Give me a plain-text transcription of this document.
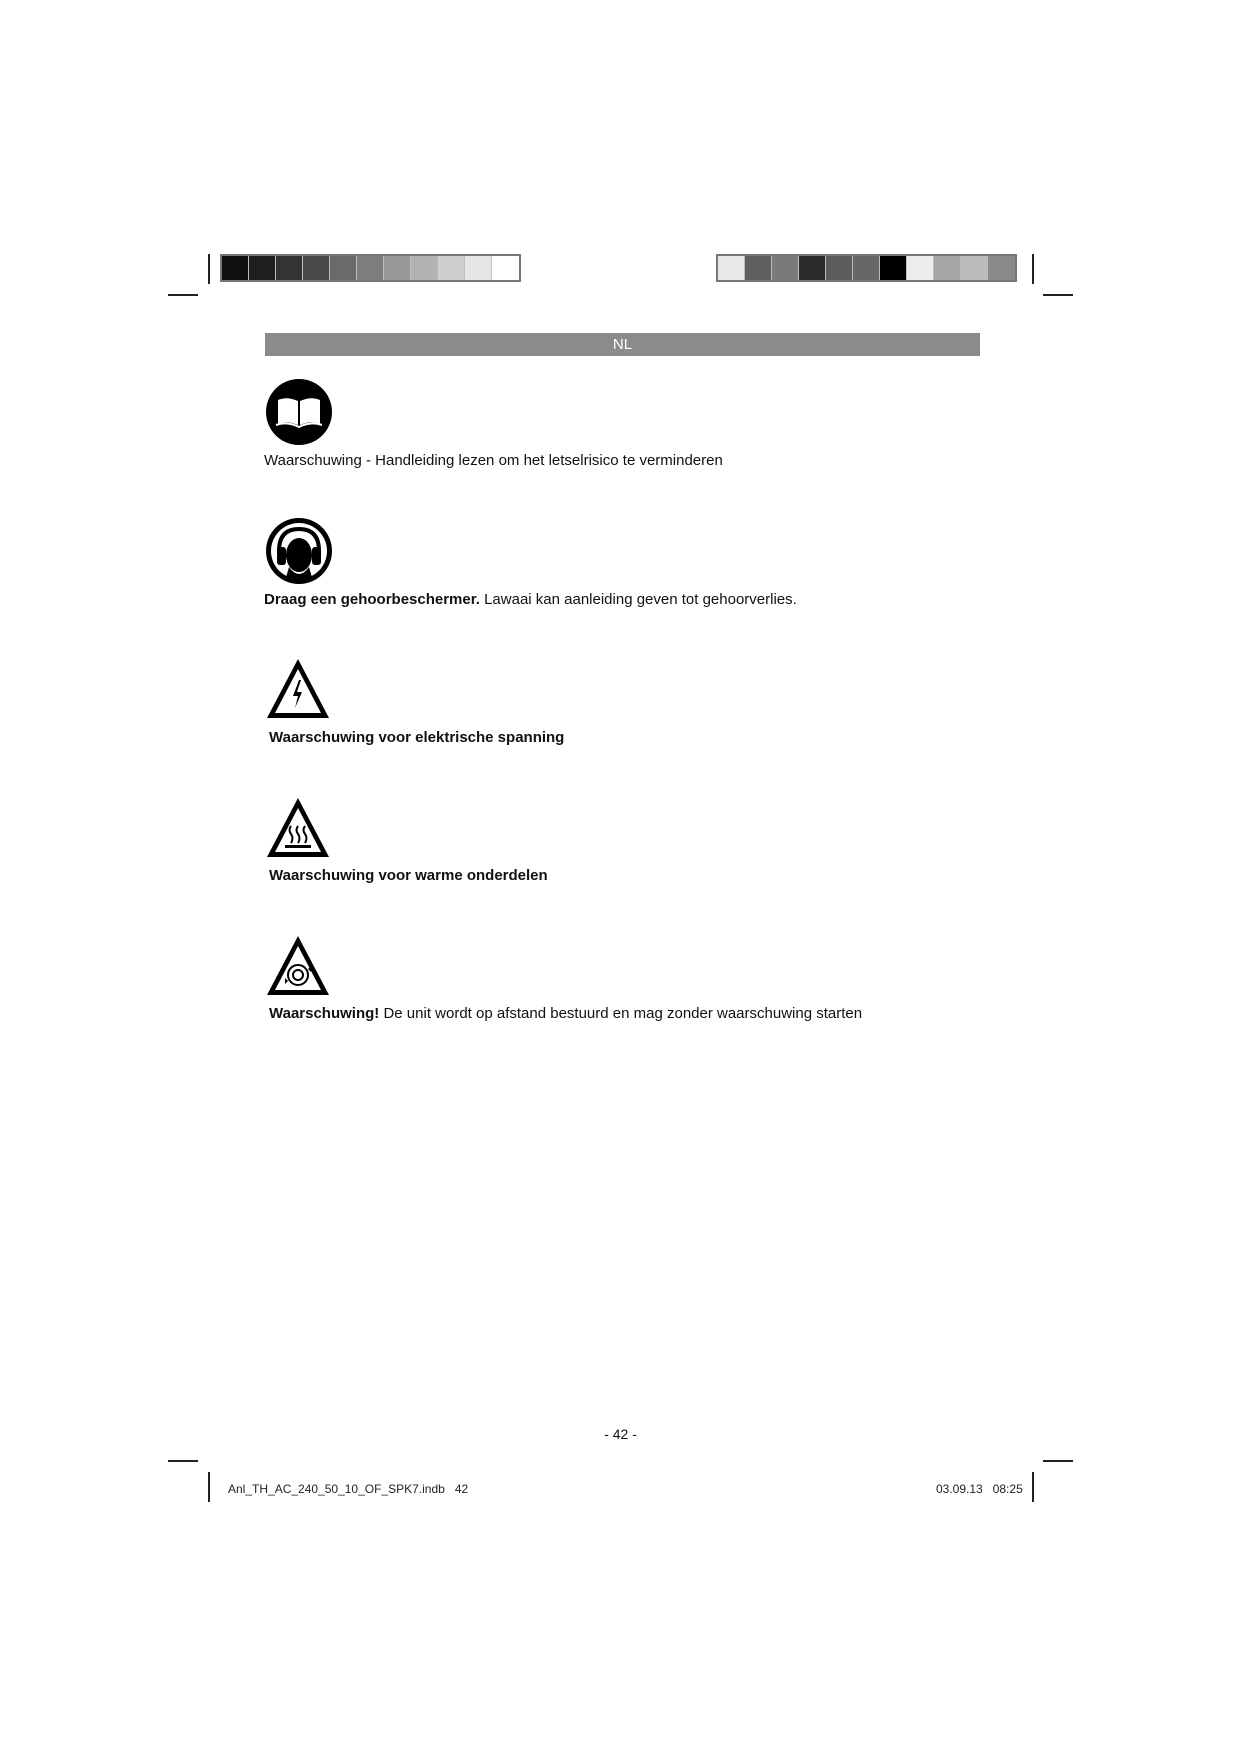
NL
Waarschuwing - Handleiding lezen om het letselrisico te verminderen
Draag een gehoorbeschermer. Lawaai kan aanleiding geven tot gehoorverlies.
Waarschuwing voor elektrische spanning
Waarschuwing voor warme onderdelen
Waarschuwing! De unit wordt op afstand bestuurd en mag zonder waarschuwing starten
- 42 -
Anl_TH_AC_240_50_10_OF_SPK7.indb   42	03.09.13   08:25
